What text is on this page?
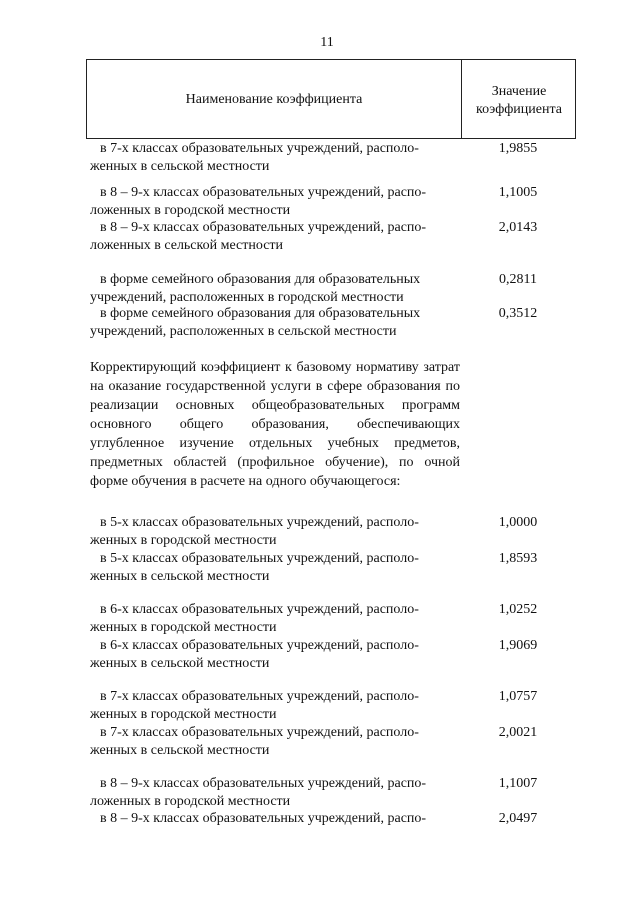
11
Наименование коэффициента
Значение
коэффициента
в 7-х классах образовательных учреждений, располо-
женных в сельской местности
1,9855
в 8 – 9-х классах образовательных учреждений, распо-
ложенных в городской местности
1,1005
в 8 – 9-х классах образовательных учреждений, распо-
ложенных в сельской местности
2,0143
в форме семейного образования для образовательных
учреждений, расположенных в городской местности
0,2811
в форме семейного образования для образовательных
учреждений, расположенных в сельской местности
0,3512
Корректирующий коэффициент к базовому нормативу затрат на оказание государственной услуги в сфере образования по реализации основных общеобразовательных программ основного общего образования, обеспечивающих углубленное изучение отдельных учебных предметов, предметных областей (профильное обучение), по очной форме обучения в расчете на одного обучающегося:
в 5-х классах образовательных учреждений, располо-
женных в городской местности
1,0000
в 5-х классах образовательных учреждений, располо-
женных в сельской местности
1,8593
в 6-х классах образовательных учреждений, располо-
женных в городской местности
1,0252
в 6-х классах образовательных учреждений, располо-
женных в сельской местности
1,9069
в 7-х классах образовательных учреждений, располо-
женных в городской местности
1,0757
в 7-х классах образовательных учреждений, располо-
женных в сельской местности
2,0021
в 8 – 9-х классах образовательных учреждений, распо-
ложенных в городской местности
1,1007
в 8 – 9-х классах образовательных учреждений, распо-	2,0497
